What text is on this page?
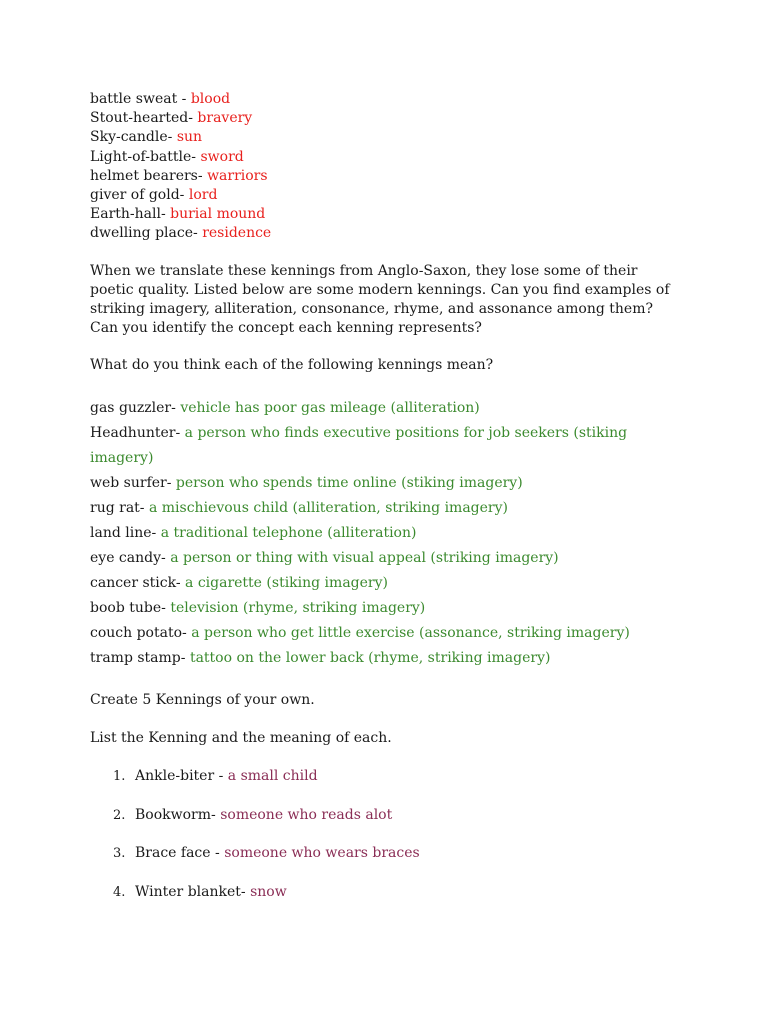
battle sweat - blood

Stout-hearted- bravery

Sky-candle- sun

Light-of-battle- sword

helmet bearers- warriors

giver of gold- lord

Earth-hall- burial mound

dwelling place- residence

When we translate these kennings from Anglo-Saxon, they lose some of their
poetic quality. Listed below are some modern kennings. Can you find examples of
striking imagery, alliteration, consonance, rhyme, and assonance among them?
Can you identify the concept each kenning represents?

What do you think each of the following kennings mean?

gas guzzler- vehicle has poor gas mileage (alliteration)
Headhunter- a person who finds executive positions for job seekers (stiking
imagery)
web surfer- person who spends time online (stiking imagery)
rug rat- a mischievous child (alliteration, striking imagery)
land line- a traditional telephone (alliteration)
eye candy- a person or thing with visual appeal (striking imagery)
cancer stick- a cigarette (stiking imagery)
boob tube- television (rhyme, striking imagery)
couch potato- a person who get little exercise (assonance, striking imagery)
tramp stamp- tattoo on the lower back (rhyme, striking imagery)

Create 5 Kennings of your own.

List the Kenning and the meaning of each.

1. Ankle-biter - a small child
2. Bookworm- someone who reads alot
3. Brace face - someone who wears braces
4. Winter blanket- snow
